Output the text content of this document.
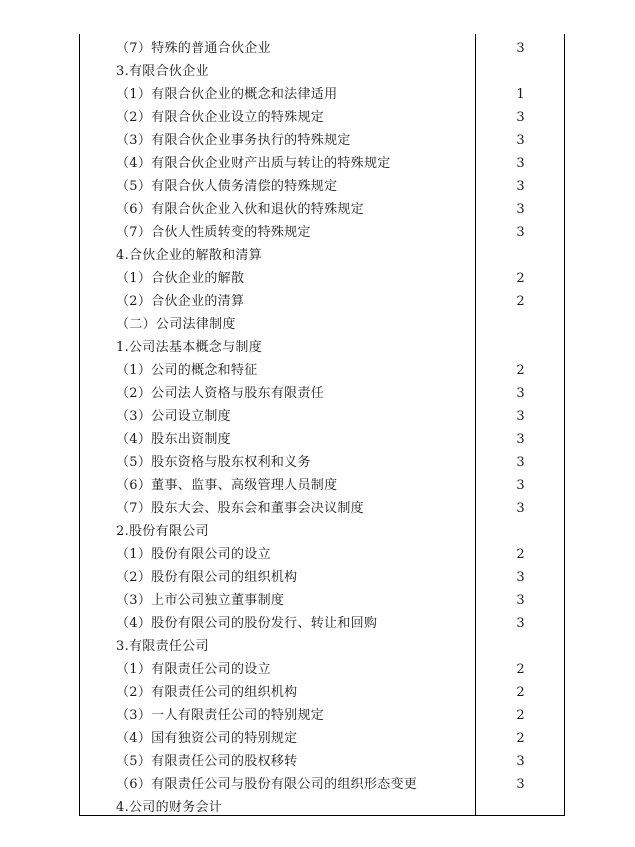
（7）特殊的普通合伙企业	3
3.有限合伙企业
（1）有限合伙企业的概念和法律适用	1
（2）有限合伙企业设立的特殊规定	3
（3）有限合伙企业事务执行的特殊规定	3
（4）有限合伙企业财产出质与转让的特殊规定	3
（5）有限合伙人债务清偿的特殊规定	3
（6）有限合伙企业入伙和退伙的特殊规定	3
（7）合伙人性质转变的特殊规定	3
4.合伙企业的解散和清算
（1）合伙企业的解散	2
（2）合伙企业的清算	2
（二）公司法律制度
1.公司法基本概念与制度
（1）公司的概念和特征	2
（2）公司法人资格与股东有限责任	3
（3）公司设立制度	3
（4）股东出资制度	3
（5）股东资格与股东权利和义务	3
（6）董事、监事、高级管理人员制度	3
（7）股东大会、股东会和董事会决议制度	3
2.股份有限公司
（1）股份有限公司的设立	2
（2）股份有限公司的组织机构	3
（3）上市公司独立董事制度	3
（4）股份有限公司的股份发行、转让和回购	3
3.有限责任公司
（1）有限责任公司的设立	2
（2）有限责任公司的组织机构	2
（3）一人有限责任公司的特别规定	2
（4）国有独资公司的特别规定	2
（5）有限责任公司的股权移转	3
（6）有限责任公司与股份有限公司的组织形态变更	3
4.公司的财务会计
